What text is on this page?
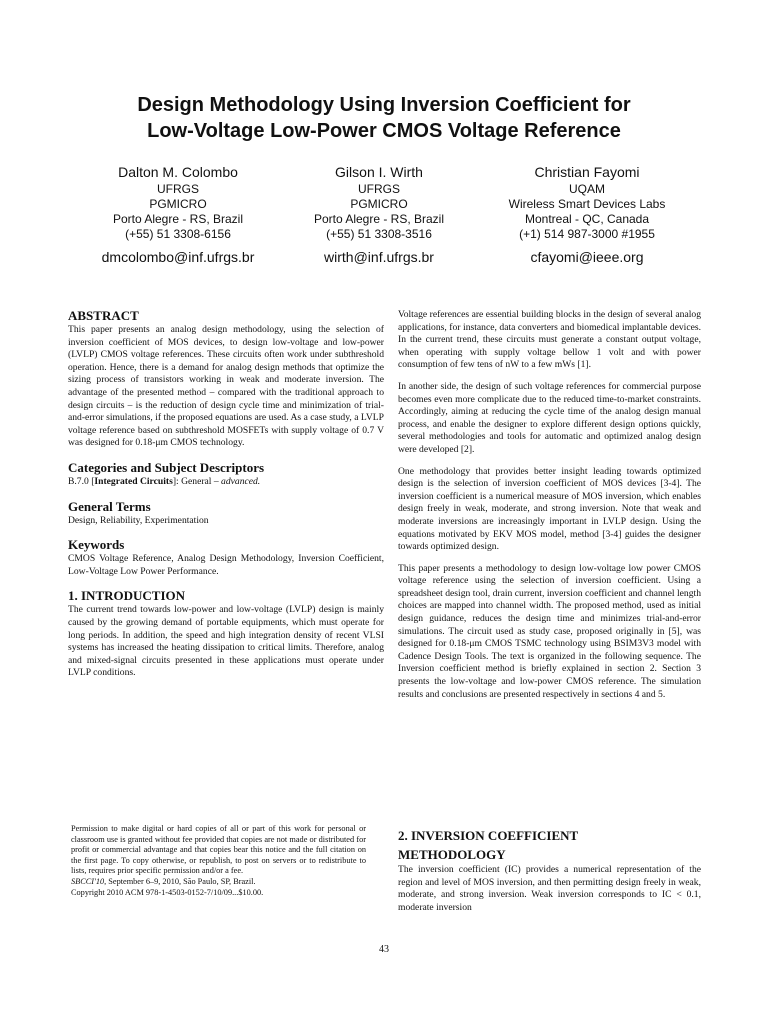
Design Methodology Using Inversion Coefficient for
Low-Voltage Low-Power CMOS Voltage Reference
Dalton M. Colombo
UFRGS
PGMICRO
Porto Alegre - RS, Brazil
(+55) 51 3308-6156
dmcolombo@inf.ufrgs.br
Gilson I. Wirth
UFRGS
PGMICRO
Porto Alegre - RS, Brazil
(+55) 51 3308-3516
wirth@inf.ufrgs.br
Christian Fayomi
UQAM
Wireless Smart Devices Labs
Montreal - QC, Canada
(+1) 514 987-3000 #1955
cfayomi@ieee.org
ABSTRACT

This paper presents an analog design methodology, using the selection of inversion coefficient of MOS devices, to design low-voltage and low-power (LVLP) CMOS voltage references. These circuits often work under subthreshold operation. Hence, there is a demand for analog design methods that optimize the sizing process of transistors working in weak and moderate inversion. The advantage of the presented method – compared with the traditional approach to design circuits – is the reduction of design cycle time and minimization of trial-and-error simulations, if the proposed equations are used. As a case study, a LVLP voltage reference based on subthreshold MOSFETs with supply voltage of 0.7 V was designed for 0.18-μm CMOS technology.

Categories and Subject Descriptors

B.7.0 [Integrated Circuits]: General – advanced.

General Terms

Design, Reliability, Experimentation

Keywords

CMOS Voltage Reference, Analog Design Methodology, Inversion Coefficient, Low-Voltage Low Power Performance.

1. INTRODUCTION

The current trend towards low-power and low-voltage (LVLP) design is mainly caused by the growing demand of portable equipments, which must operate for long periods. In addition, the speed and high integration density of recent VLSI systems has increased the heating dissipation to critical limits. Therefore, analog and mixed-signal circuits presented in these applications must operate under LVLP conditions.

Permission to make digital or hard copies of all or part of this work for personal or classroom use is granted without fee provided that copies are not made or distributed for profit or commercial advantage and that copies bear this notice and the full citation on the first page. To copy otherwise, or republish, to post on servers or to redistribute to lists, requires prior specific permission and/or a fee.

SBCCI'10, September 6–9, 2010, São Paulo, SP, Brazil.

Copyright 2010 ACM 978-1-4503-0152-7/10/09...$10.00.

Voltage references are essential building blocks in the design of several analog applications, for instance, data converters and biomedical implantable devices. In the current trend, these circuits must generate a constant output voltage, when operating with supply voltage bellow 1 volt and with power consumption of few tens of nW to a few mWs [1].

In another side, the design of such voltage references for commercial purpose becomes even more complicate due to the reduced time-to-market constraints. Accordingly, aiming at reducing the cycle time of the analog design manual process, and enable the designer to explore different design options quickly, several methodologies and tools for automatic and optimized analog design were developed [2].

One methodology that provides better insight leading towards optimized design is the selection of inversion coefficient of MOS devices [3-4]. The inversion coefficient is a numerical measure of MOS inversion, which enables design freely in weak, moderate, and strong inversion. Note that weak and moderate inversions are increasingly important in LVLP design. Using the equations motivated by EKV MOS model, method [3-4] guides the designer towards optimized design.

This paper presents a methodology to design low-voltage low power CMOS voltage reference using the selection of inversion coefficient. Using a spreadsheet design tool, drain current, inversion coefficient and channel length choices are mapped into channel width. The proposed method, used as initial design guidance, reduces the design time and minimizes trial-and-error simulations. The circuit used as study case, proposed originally in [5], was designed for 0.18-μm CMOS TSMC technology using BSIM3V3 model with Cadence Design Tools. The text is organized in the following sequence. The Inversion coefficient method is briefly explained in section 2. Section 3 presents the low-voltage and low-power CMOS reference. The simulation results and conclusions are presented respectively in sections 4 and 5.

2. INVERSION COEFFICIENT
METHODOLOGY

The inversion coefficient (IC) provides a numerical representation of the region and level of MOS inversion, and then permitting design freely in weak, moderate, and strong inversion. Weak inversion corresponds to IC < 0.1, moderate inversion

43
